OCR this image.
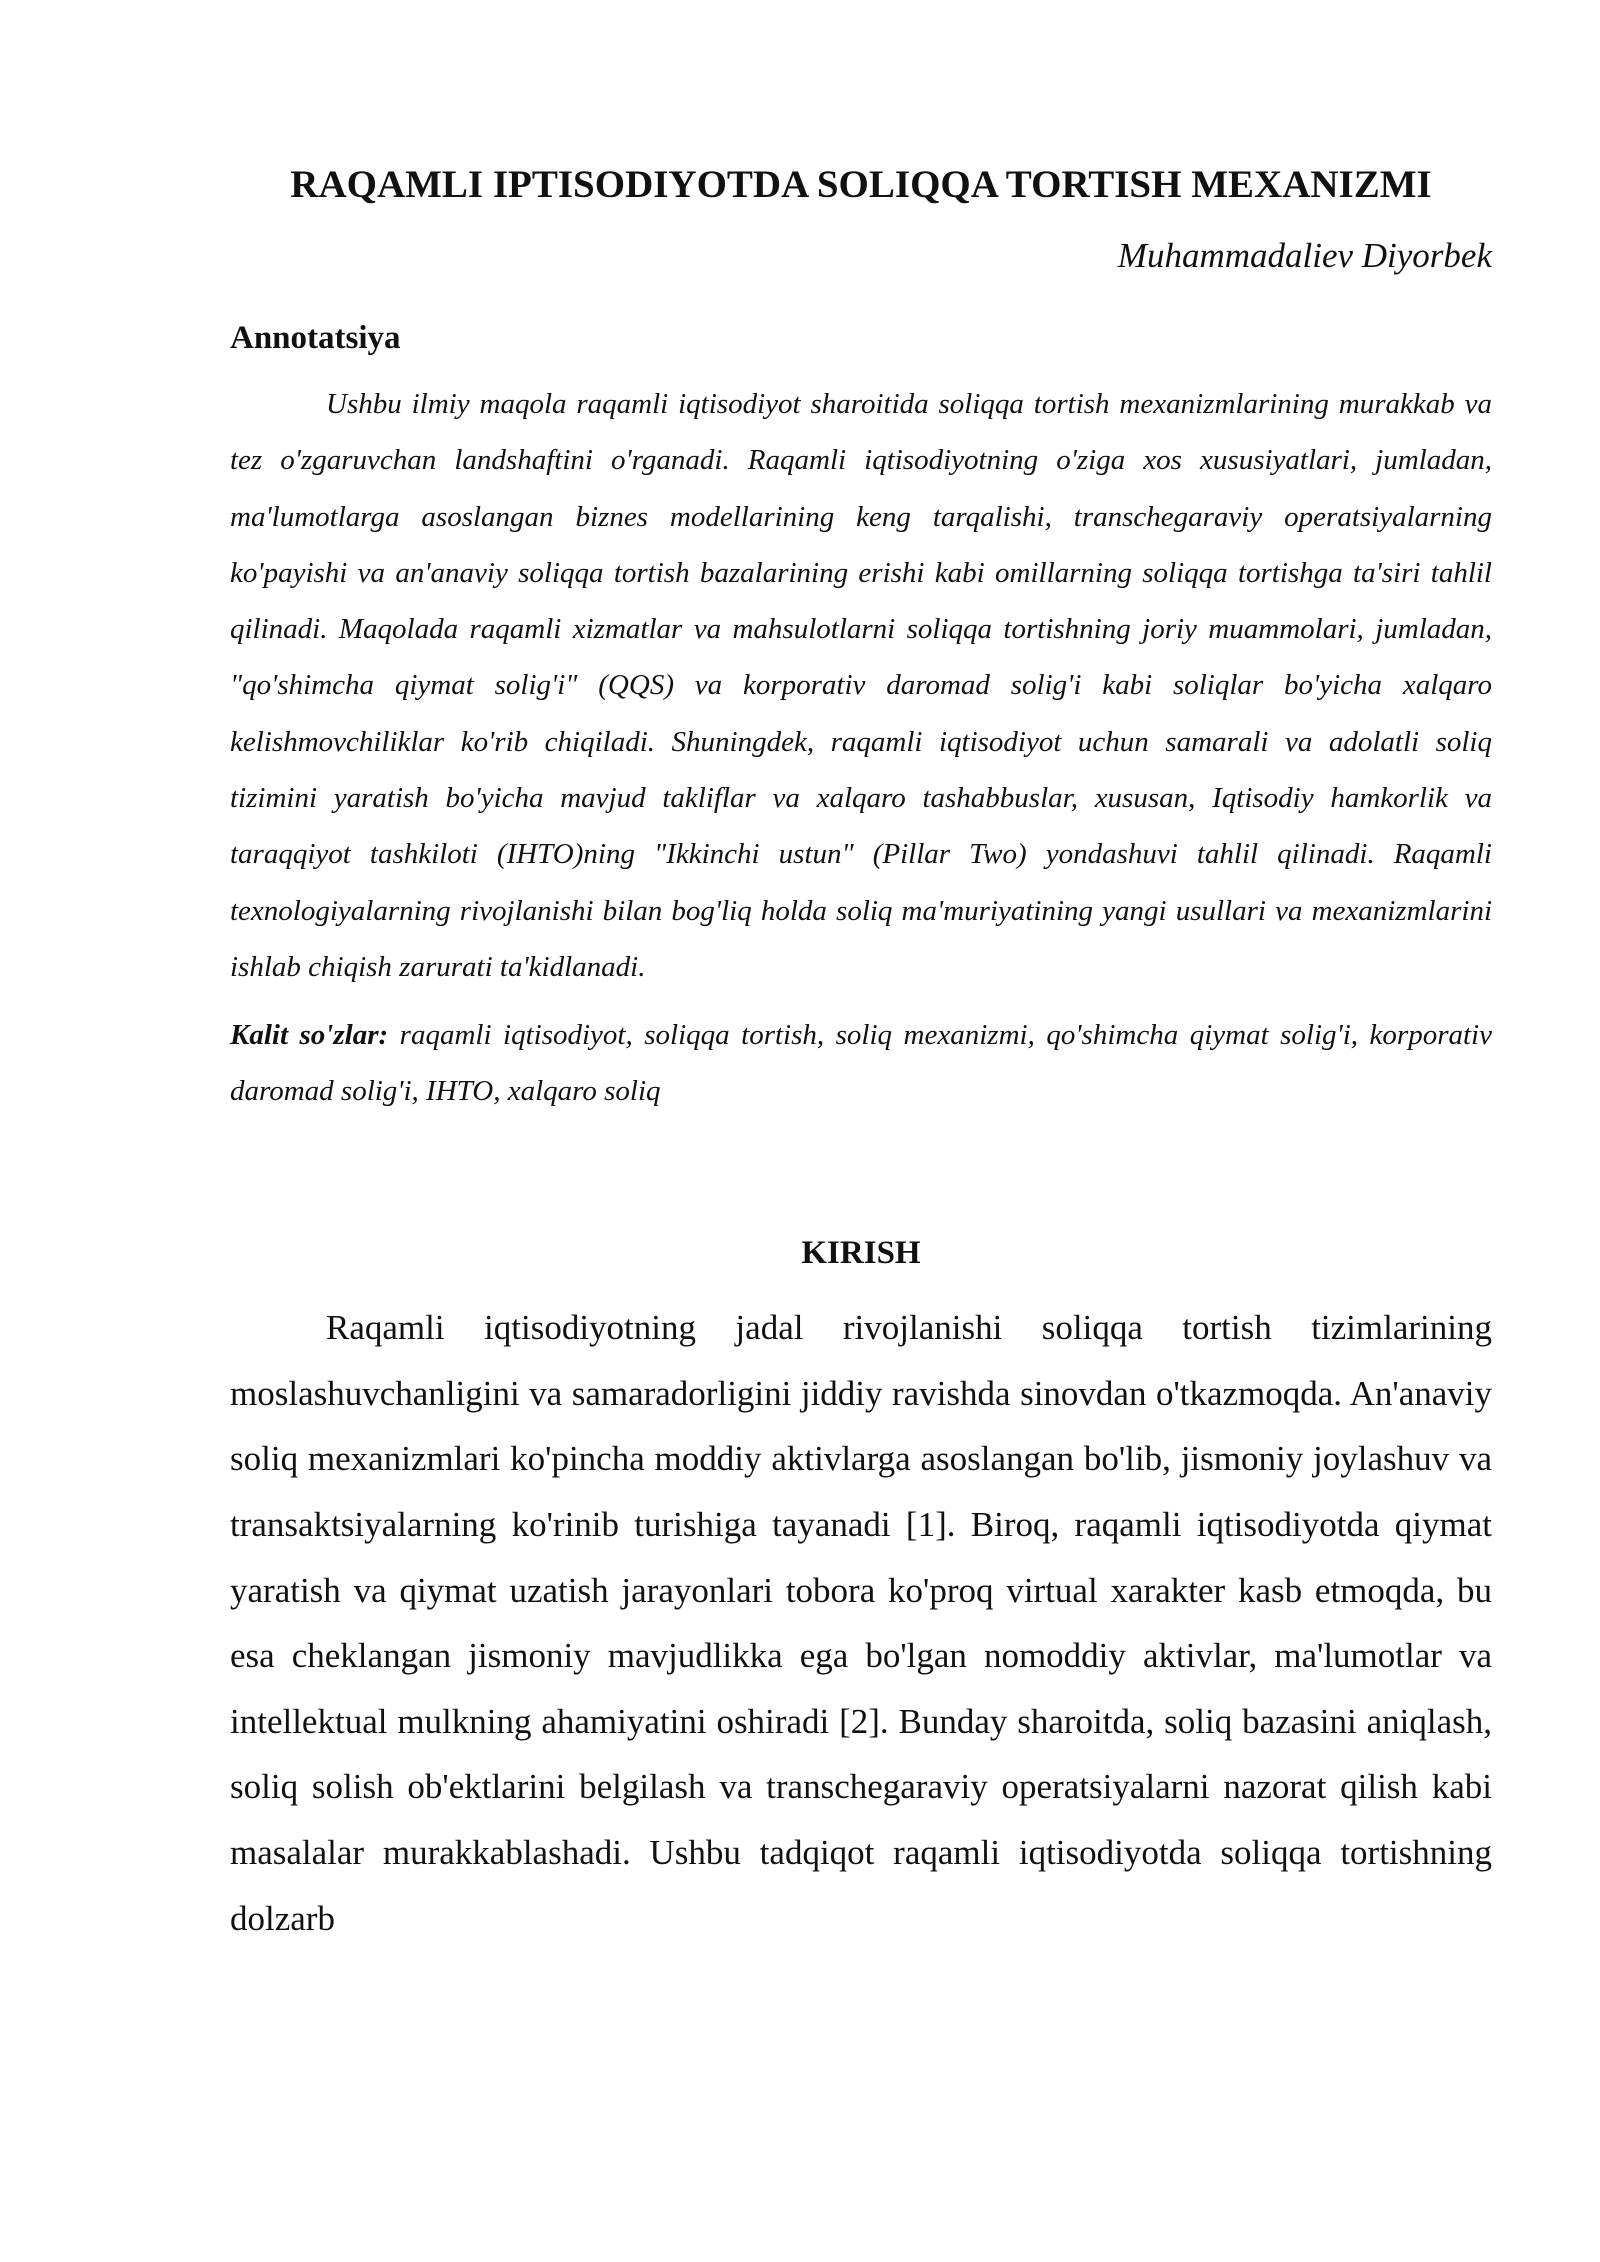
RAQAMLI IPTISODIYOTDA SOLIQQA TORTISH MEXANIZMI
Muhammadaliev Diyorbek
Annotatsiya

Ushbu ilmiy maqola raqamli iqtisodiyot sharoitida soliqqa tortish mexanizmlarining murakkab va tez o'zgaruvchan landshaftini o'rganadi. Raqamli iqtisodiyotning o'ziga xos xususiyatlari, jumladan, ma'lumotlarga asoslangan biznes modellarining keng tarqalishi, transchegaraviy operatsiyalarning ko'payishi va an'anaviy soliqqa tortish bazalarining erishi kabi omillarning soliqqa tortishga ta'siri tahlil qilinadi. Maqolada raqamli xizmatlar va mahsulotlarni soliqqa tortishning joriy muammolari, jumladan, "qo'shimcha qiymat solig'i" (QQS) va korporativ daromad solig'i kabi soliqlar bo'yicha xalqaro kelishmovchiliklar ko'rib chiqiladi. Shuningdek, raqamli iqtisodiyot uchun samarali va adolatli soliq tizimini yaratish bo'yicha mavjud takliflar va xalqaro tashabbuslar, xususan, Iqtisodiy hamkorlik va taraqqiyot tashkiloti (IHTO)ning "Ikkinchi ustun" (Pillar Two) yondashuvi tahlil qilinadi. Raqamli texnologiyalarning rivojlanishi bilan bog'liq holda soliq ma'muriyatining yangi usullari va mexanizmlarini ishlab chiqish zarurati ta'kidlanadi.

Kalit so'zlar: raqamli iqtisodiyot, soliqqa tortish, soliq mexanizmi, qo'shimcha qiymat solig'i, korporativ daromad solig'i, IHTO, xalqaro soliq

KIRISH

Raqamli iqtisodiyotning jadal rivojlanishi soliqqa tortish tizimlarining moslashuvchanligini va samaradorligini jiddiy ravishda sinovdan o'tkazmoqda. An'anaviy soliq mexanizmlari ko'pincha moddiy aktivlarga asoslangan bo'lib, jismoniy joylashuv va transaktsiyalarning ko'rinib turishiga tayanadi [1]. Biroq, raqamli iqtisodiyotda qiymat yaratish va qiymat uzatish jarayonlari tobora ko'proq virtual xarakter kasb etmoqda, bu esa cheklangan jismoniy mavjudlikka ega bo'lgan nomoddiy aktivlar, ma'lumotlar va intellektual mulkning ahamiyatini oshiradi [2]. Bunday sharoitda, soliq bazasini aniqlash, soliq solish ob'ektlarini belgilash va transchegaraviy operatsiyalarni nazorat qilish kabi masalalar murakkablashadi. Ushbu tadqiqot raqamli iqtisodiyotda soliqqa tortishning dolzarb
